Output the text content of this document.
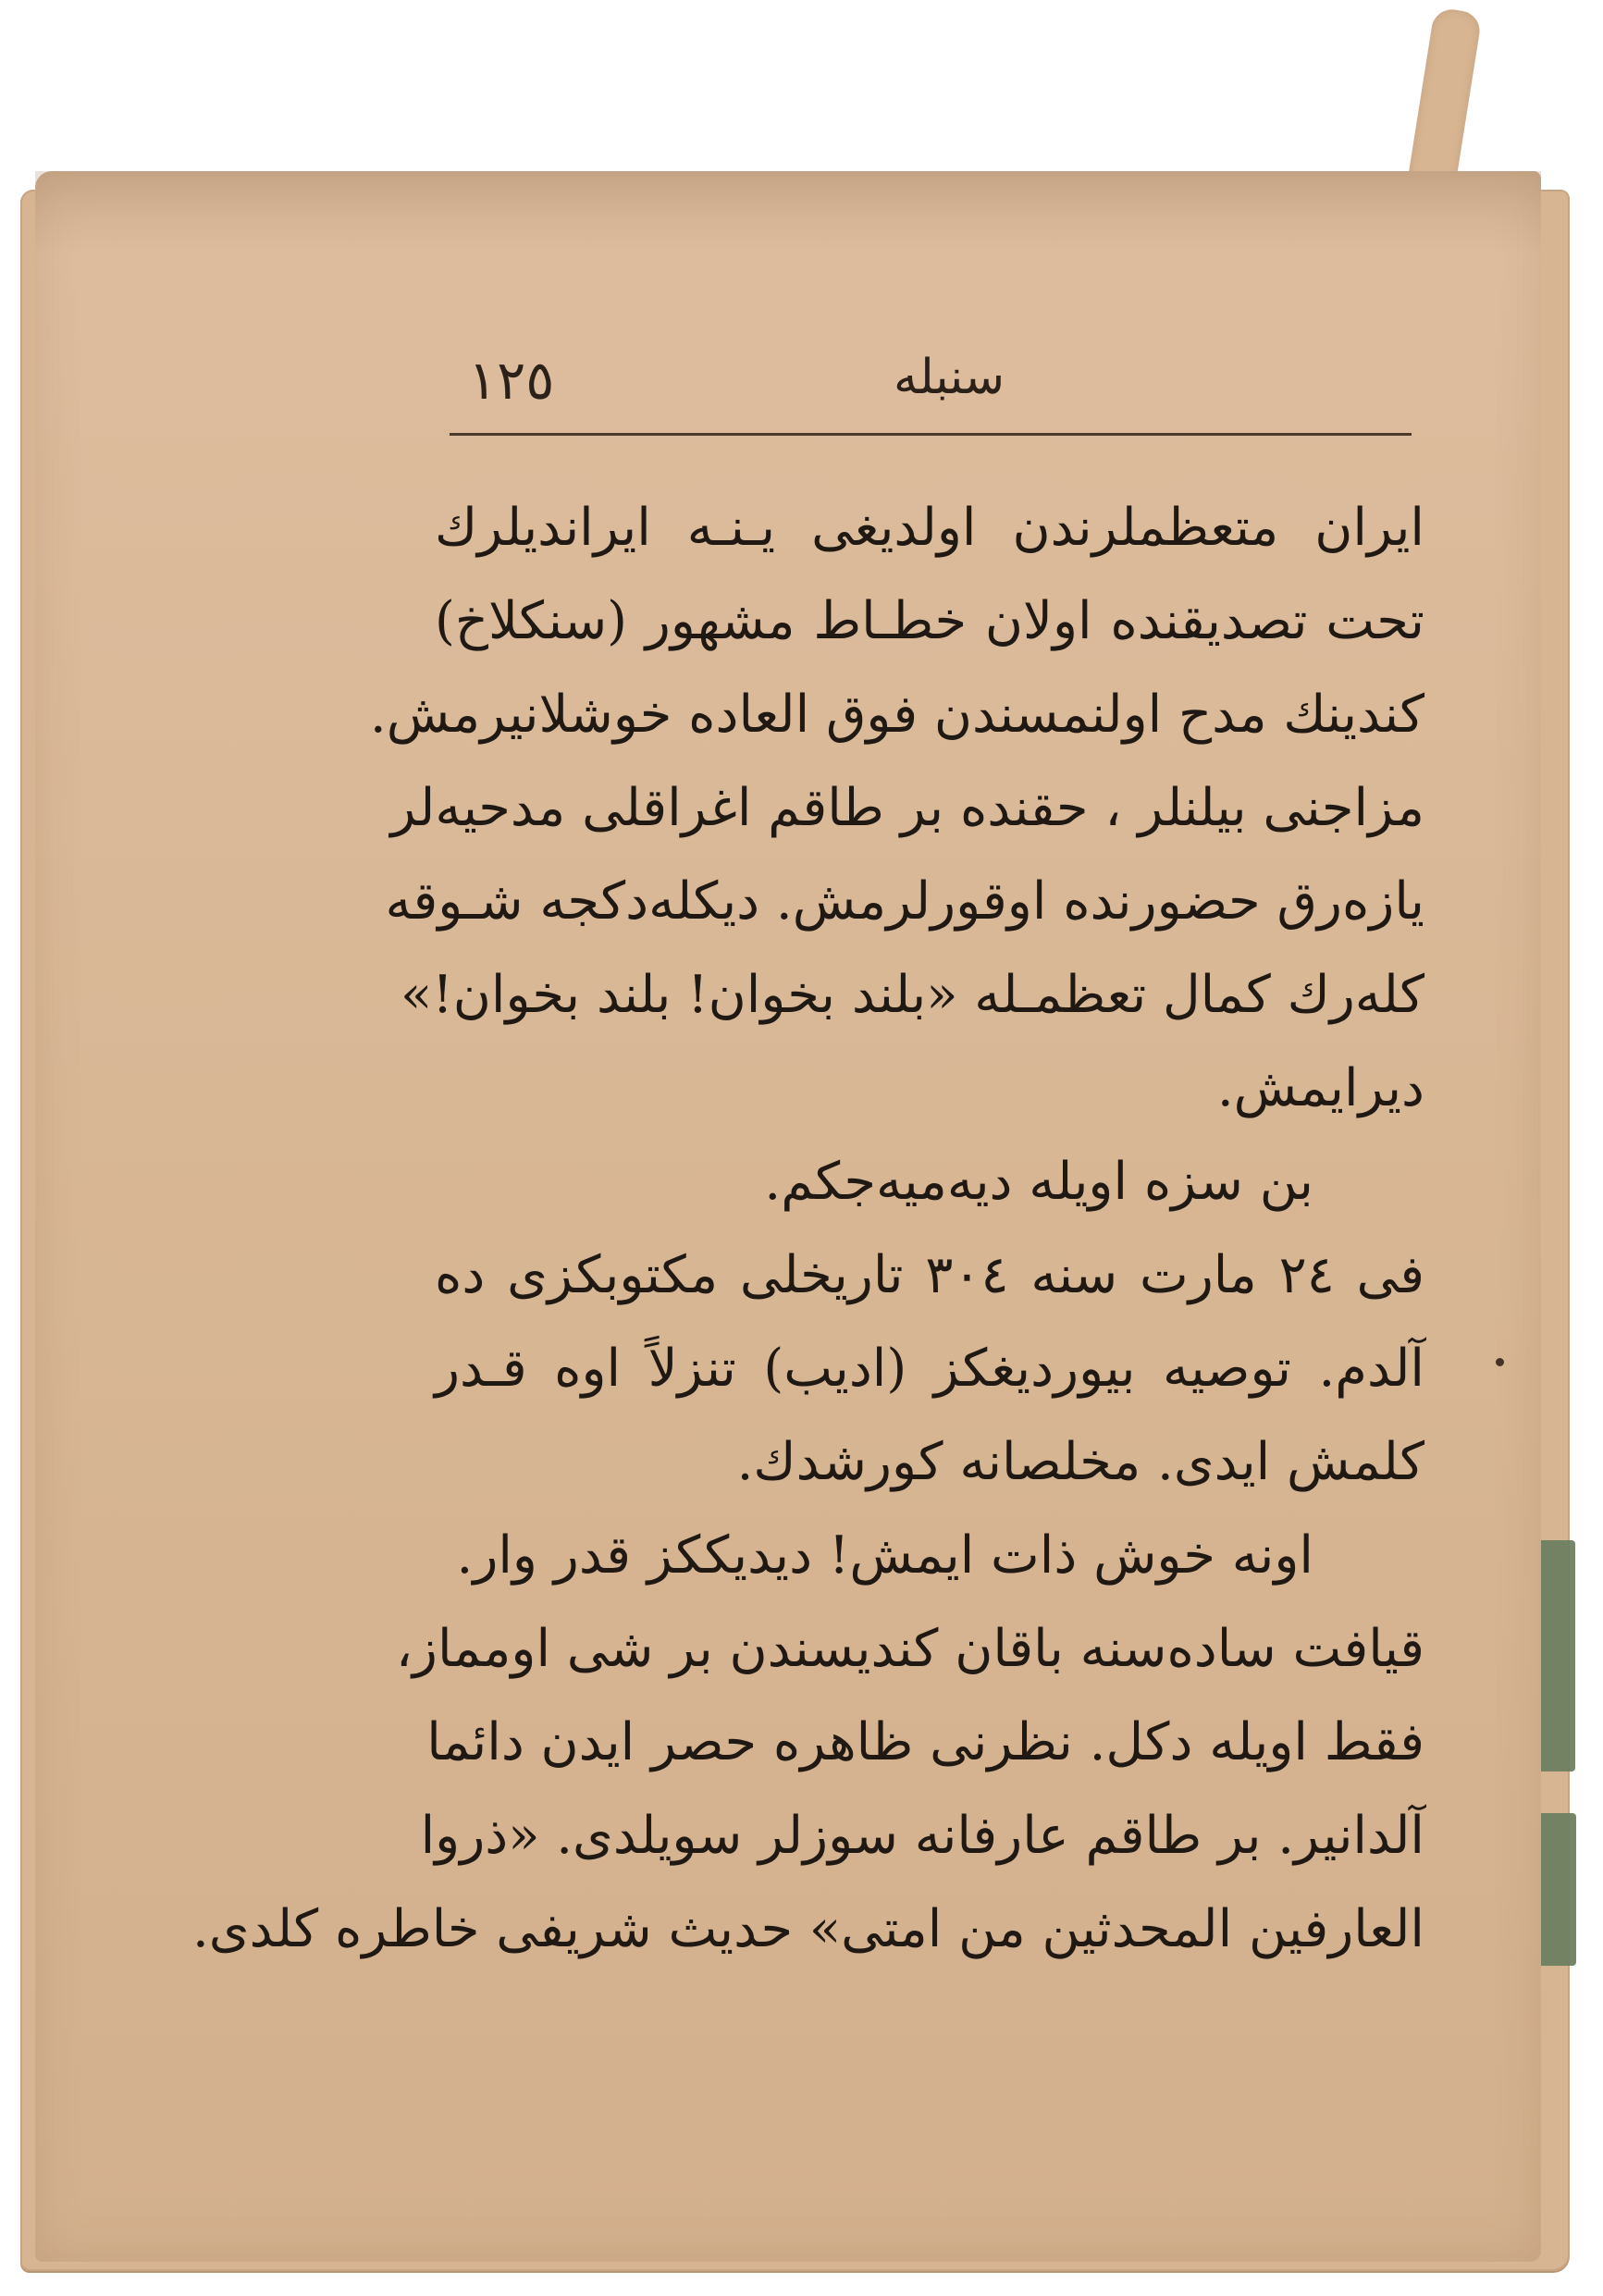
١٢٥	سنبله
ایران متعظملرندن اولدیغی یـنـه ایراندیلرك
تحت تصدیقنده اولان خطـاط مشهور (سنکلاخ)
کندینك مدح اولنمسندن فوق العاده خوشلانیرمش.
مزاجنی بیلنلر ، حقنده بر طاقم اغراقلی مدحیه‌لر
یازه‌رق حضورنده اوقورلرمش. دیکله‌دکجه شـوقه
کله‌رك کمال تعظمـله «بلند بخوان! بلند بخوان!»
دیرایمش.
بن سزه اویله دیه‌میه‌جکم.
فی ٢٤ مارت سنه ٣٠٤ تاریخلی مکتوبکزی ده
آلدم. توصیه بیوردیغکز (ادیب) تنزلاً اوه قـدر
کلمش ایدی. مخلصانه کورشدك.
اونه خوش ذات ایمش! دیدیککز قدر وار.
قیافت ساده‌سنه باقان کندیسندن بر شی اومماز،
فقط اویله دکل. نظرنی ظاهره حصر ایدن دائما
آلدانیر. بر طاقم عارفانه سوزلر سویلدی. «ذروا
العارفین المحدثین من امتی» حدیث شریفی خاطره کلدی.
